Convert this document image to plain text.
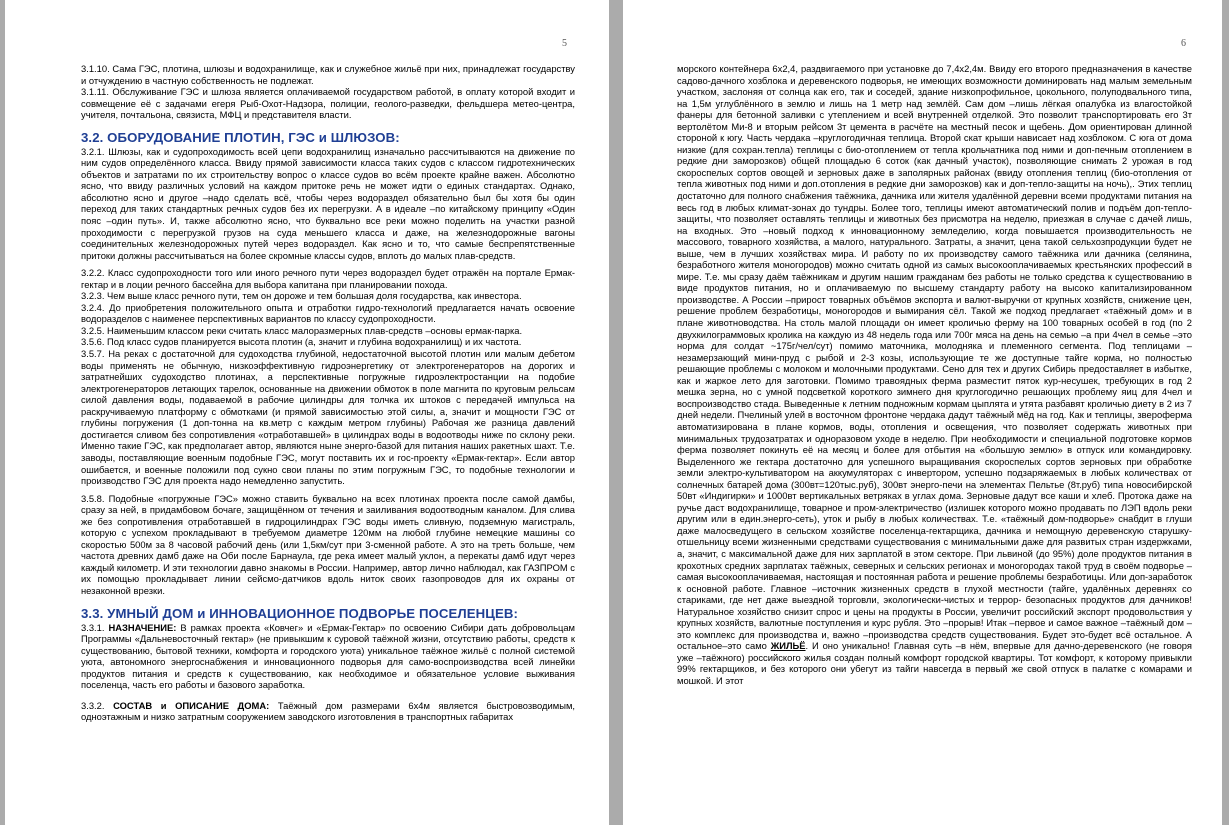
5

3.1.10. Сама ГЭС, плотина, шлюзы и водохранилище, как и служебное жильё при них, принадлежат государству и отчуждению в частную собственность не подлежат.

3.1.11. Обслуживание ГЭС и шлюза является оплачиваемой государством работой, в оплату которой входит и совмещение её с задачами егеря Рыб-Охот-Надзора, полиции, геолого-разведки, фельдшера метео-центра, учителя, почтальона, связиста, МФЦ и представителя власти.

3.2. ОБОРУДОВАНИЕ ПЛОТИН, ГЭС и ШЛЮЗОВ:

3.2.1. Шлюзы, как и судопроходимость всей цепи водохранилищ изначально рассчитываются на движение по ним судов определённого класса. Ввиду прямой зависимости класса таких судов с классом гидротехнических объектов и затратами по их строительству вопрос о классе судов во всём проекте крайне важен. Абсолютно ясно, что ввиду различных условий на каждом притоке речь не может идти о единых стандартах. Однако, абсолютно ясно и другое –надо сделать всё, чтобы через водораздел обязательно был бы хотя бы один переход для таких стандартных речных судов без их перегрузки. А в идеале –по китайскому принципу «Один пояс –один путь». И, также абсолютно ясно, что буквально все реки можно поделить на участки разной проходимости с перегрузкой грузов на суда меньшего класса и даже, на железнодорожные вагоны соединительных железнодорожных путей через водораздел. Как ясно и то, что самые беспрепятственные притоки должны рассчитываться на более скромные классы судов, вплоть до малых плав-средств.

3.2.2. Класс судопроходности того или иного речного пути через водораздел будет отражён на портале Ермак-гектар и в лоции речного бассейна для выбора капитана при планировании похода.

3.2.3. Чем выше класс речного пути, тем он дороже и тем большая доля государства, как инвестора.

3.2.4. До приобретения положительного опыта и отработки гидро-технологий предлагается начать освоение водоразделов с наименее перспективных вариантов по классу судопроходности.

3.2.5. Наименьшим классом реки считать класс малоразмерных плав-средств –основы ермак-парка.

3.5.6. Под класс судов планируется высота плотин (а, значит и глубина водохранилищ) и их частота.

3.5.7. На реках с достаточной для судоходства глубиной, недостаточной высотой плотин или малым дебетом воды применять не обычную, низкоэффективную гидроэнергетику от электрогенераторов на дорогих и затратнейших судоходство плотинах, а перспективные погружные гидроэлектростанции на подобие электрогенераторов летающих тарелок, основанные на движении обмоток в поле магнита по круговым рельсам силой давления воды, подаваемой в рабочие цилиндры для толчка их штоков с передачей импульса на раскручиваемую платформу с обмотками (и прямой зависимостью этой силы, а, значит и мощности ГЭС от глубины погружения (1 доп-тонна на кв.метр с каждым метром глубины) Рабочая же разница давлений достигается сливом без сопротивления «отработавшей» в цилиндрах воды в водоотводы ниже по склону реки. Именно такие ГЭС, как предполагает автор, являются ныне энерго-базой для питания наших ракетных шахт. Т.е. заводы, поставляющие военным подобные ГЭС, могут поставить их и гос-проекту «Ермак-гектар». Если автор ошибается, и военные положили под сукно свои планы по этим погружным ГЭС, то подобные технологии и производство ГЭС для проекта надо немедленно запустить.

3.5.8. Подобные «погружные ГЭС» можно ставить буквально на всех плотинах проекта после самой дамбы, сразу за ней, в придамбовом бочаге, защищённом от течения и заиливания водоотводным каналом. Для слива же без сопротивления отработавшей в гидроцилиндрах ГЭС воды иметь сливную, подземную магистраль, которую с успехом прокладывают в требуемом диаметре 120мм на любой глубине немецкие машины со скоростью 500м за 8 часовой рабочий день (или 1,5км/сут при 3-сменной работе. А это на треть больше, чем частота древних дамб даже на Оби после Барнаула, где река имеет малый уклон, а перекаты дамб идут через каждый километр. И эти технологии давно знакомы в России. Например, автор лично наблюдал, как ГАЗПРОМ с их помощью прокладывает линии сейсмо-датчиков вдоль ниток своих газопроводов для их охраны от незаконной врезки.

3.3. УМНЫЙ ДОМ и ИННОВАЦИОННОЕ ПОДВОРЬЕ ПОСЕЛЕНЦЕВ:

3.3.1. НАЗНАЧЕНИЕ: В рамках проекта «Ковчег» и «Ермак-Гектар» по освоению Сибири дать добровольцам Программы «Дальневосточный гектар» (не привыкшим к суровой таёжной жизни, отсутствию работы, средств к существованию, бытовой техники, комфорта и городского уюта) уникальное таёжное жильё с полной системой уюта, автономного энергоснабжения и инновационного подворья для само-воспроизводства всей линейки продуктов питания и средств к существованию, как необходимое и обязательное условие выживания поселенца, часть его работы и базового заработка.

3.3.2. СОСТАВ и ОПИСАНИЕ ДОМА: Таёжный дом размерами 6х4м является быстровозводимым, одноэтажным и низко затратным сооружением заводского изготовления в транспортных габаритах

6

морского контейнера 6х2,4, раздвигаемого при установке до 7,4х2,4м. Ввиду его второго предназначения в качестве садово-дачного хозблока и деревенского подворья, не имеющих возможности доминировать над малым земельным участком, заслоняя от солнца как его, так и соседей, здание низкопрофильное, цокольного, полуподвального типа, на 1,5м углублённого в землю и лишь на 1 метр над землёй. Сам дом –лишь лёгкая опалубка из влагостойкой фанеры для бетонной заливки с утеплением и всей внутренней отделкой. Это позволит транспортировать его 3т вертолётом Ми-8 и вторым рейсом 3т цемента в расчёте на местный песок и щебень. Дом ориентирован длинной стороной к югу. Часть чердака –круглогодичная теплица. Второй скат крыши нависает над хозблоком. С юга от дома низкие (для сохран.тепла) теплицы с био-отоплением от тепла крольчатника под ними и доп-печным отоплением в редкие дни заморозков) общей площадью 6 соток (как дачный участок), позволяющие снимать 2 урожая в год скороспелых сортов овощей и зерновых даже в заполярных районах (ввиду отопления теплиц (био-отопления от тепла животных под ними и доп.отопления в редкие дни заморозков) как и доп-тепло-защиты на ночь),. Этих теплиц достаточно для полного снабжения таёжника, дачника или жителя удалённой деревни всеми продуктами питания на весь год в любых климат-зонах до тундры. Более того, теплицы имеют автоматический полив и подъём доп-тепло-защиты, что позволяет оставлять теплицы и животных без присмотра на неделю, приезжая в случае с дачей лишь, на входных. Это –новый подход к инновационному земледелию, когда повышается производительность не массового, товарного хозяйства, а малого, натурального. Затраты, а значит, цена такой сельхозпродукции будет не выше, чем в лучших хозяйствах мира. И работу по их производству самого таёжника или дачника (селянина, безработного жителя моногородов) можно считать одной из самых высокооплачиваемых крестьянских профессий в мире. Т.е. мы сразу даём таёжникам и другим нашим гражданам без работы не только средства к существованию в виде продуктов питания, но и оплачиваемую по высшему стандарту работу на высоко капитализированном производстве. А России –прирост товарных объёмов экспорта и валют-выручки от крупных хозяйств, снижение цен, решение проблем безработицы, моногородов и вымирания сёл. Такой же подход предлагает «таёжный дом» и в плане животноводства. На столь малой площади он имеет кроличью ферму на 100 товарных особей в год (по 2 двухкилограммовых кролика на каждую из 48 недель года или 700г мяса на день на семью –а при 4чел в семье –это норма для солдат ~175г/чел/сут) помимо маточника, молодняка и племенного сегмента. Под теплицами –незамерзающий мини-пруд с рыбой и 2-3 козы, использующие те же доступные тайге корма, но полностью решающие проблемы с молоком и молочными продуктами. Сено для тех и других Сибирь предоставляет в избытке, как и жаркое лето для заготовки. Помимо травоядных ферма разместит пяток кур-несушек, требующих в год 2 мешка зерна, но с умной подсветкой короткого зимнего дня круглогодично решающих проблему яиц для 4чел и воспроизводство стада. Выведенные к летним подножным кормам цыплята и утята разбавят кроличью диету в 2 из 7 дней недели. Пчелиный улей в восточном фронтоне чердака дадут таёжный мёд на год. Как и теплицы, звероферма автоматизирована в плане кормов, воды, отопления и освещения, что позволяет содержать животных при минимальных трудозатратах и одноразовом уходе в неделю. При необходимости и специальной подготовке кормов ферма позволяет покинуть её на месяц и более для отбытия на «большую землю» в отпуск или командировку. Выделенного же гектара достаточно для успешного выращивания скороспелых сортов зерновых при обработке земли электро-культиватором на аккумуляторах с инвертором, успешно подзаряжаемых в любых количествах от солнечных батарей дома (300вт=120тыс.руб), 300вт энерго-печи на элементах Пельтье (8т.руб) типа новосибирской 50вт «Индигирки» и 1000вт вертикальных ветряках в углах дома. Зерновые дадут все каши и хлеб. Протока даже на ручье даст водохранилище, товарное и пром-электричество (излишек которого можно продавать по ЛЭП вдоль реки другим или в един.энерго-сеть), уток и рыбу в любых количествах. Т.е. «таёжный дом-подворье» снабдит в глуши даже малосведущего в сельском хозяйстве поселенца-гектарщика, дачника и немощную деревенскую старушку-отшельницу всеми жизненными средствами существования с минимальными даже для развитых стран издержками, а, значит, с максимальной даже для них зарплатой в этом секторе. При львиной (до 95%) доле продуктов питания в крохотных средних зарплатах таёжных, северных и сельских регионах и моногородах такой труд в своём подворье –самая высокооплачиваемая, настоящая и постоянная работа и решение проблемы безработицы. Или доп-заработок к основной работе. Главное –источник жизненных средств в глухой местности (тайге, удалённых деревнях со стариками, где нет даже выездной торговли, экологически-чистых и террор- безопасных продуктов для дачников! Натуральное хозяйство снизит спрос и цены на продукты в России, увеличит российский экспорт продовольствия у крупных хозяйств, валютные поступления и курс рубля. Это –прорыв! Итак –первое и самое важное –таёжный дом –это комплекс для производства и, важно –производства средств существования. Будет это-будет всё остальное. А остальное–это само ЖИЛЬЁ. И оно уникально! Главная суть –в нём, впервые для дачно-деревенского (не говоря уже –таёжного) российского жилья создан полный комфорт городской квартиры. Тот комфорт, к которому привыкли 99% гектарщиков, и без которого они убегут из тайги навсегда в первый же свой отпуск в палатке с комарами и мошкой. И этот
